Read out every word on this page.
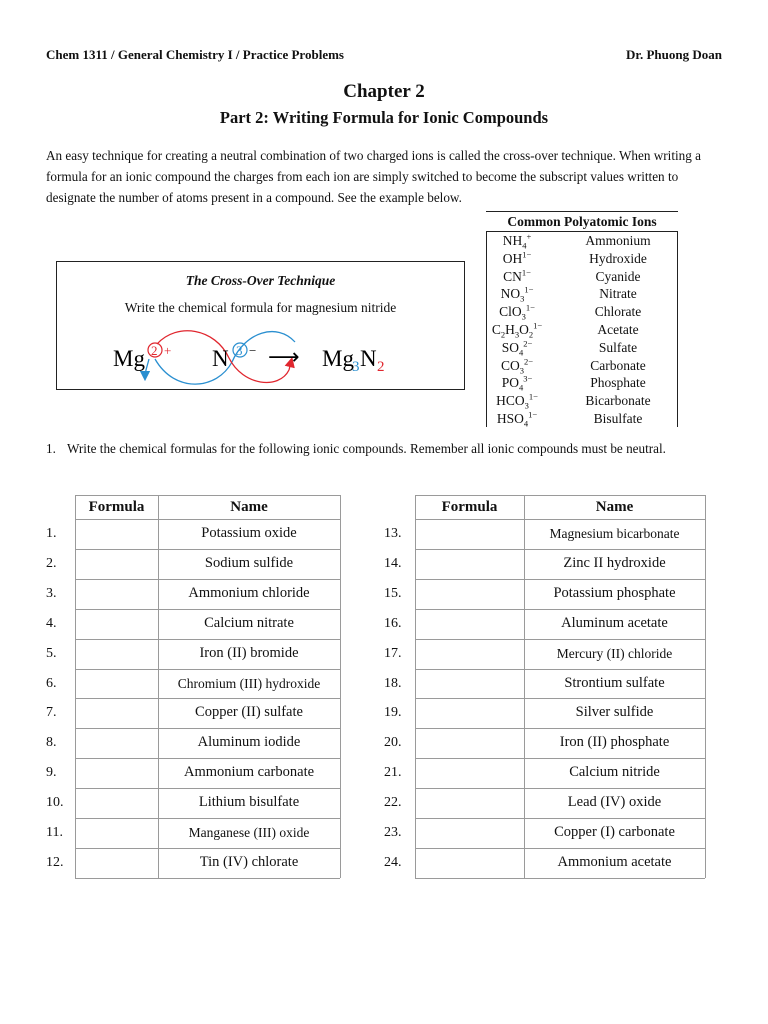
Chem 1311 / General Chemistry I / Practice Problems	Dr. Phuong Doan
Chapter 2
Part 2: Writing Formula for Ionic Compounds
An easy technique for creating a neutral combination of two charged ions is called the cross-over technique. When writing a formula for an ionic compound the charges from each ion are simply switched to become the subscript values written to designate the number of atoms present in a compound. See the example below.
Common Polyatomic Ions
$NH_4^+$	Ammonium
$OH^{1-}$	Hydroxide
$CN^{1-}$	Cyanide
$NO_3^{1-}$	Nitrate
ClO$_3^{1-}$	Chlorate
$C_2H_3O_2^{1-}$	Acetate
$SO_4^{2-}$	Sulfate
$CO_3^{2-}$	Carbonate
$PO_4^{3-}$	Phosphate
$HCO_3^{1-}$	Bicarbonate
$HSO_4^{1-}$	Bisulfate
The Cross-Over Technique
Write the chemical formula for magnesium nitride
Mg 2 + N 3 − ⟶ Mg
3 N 2
1. Write the chemical formulas for the following ionic compounds. Remember all ionic compounds must be neutral.
Formula	Name
1.	Potassium oxide
2.	Sodium sulfide
3.	Ammonium chloride
4.	Calcium nitrate
5.	Iron (II) bromide
6.	Chromium (III) hydroxide
7.	Copper (II) sulfate
8.	Aluminum iodide
9.	Ammonium carbonate
10.	Lithium bisulfate
11.	Manganese (III) oxide
12.	Tin (IV) chlorate
Formula	Name
13.	Magnesium bicarbonate
14.	Zinc II hydroxide
15.	Potassium phosphate
16.	Aluminum acetate
17.	Mercury (II) chloride
18.	Strontium sulfate
19.	Silver sulfide
20.	Iron (II) phosphate
21.	Calcium nitride
22.	Lead (IV) oxide
23.	Copper (I) carbonate
24.	Ammonium acetate
